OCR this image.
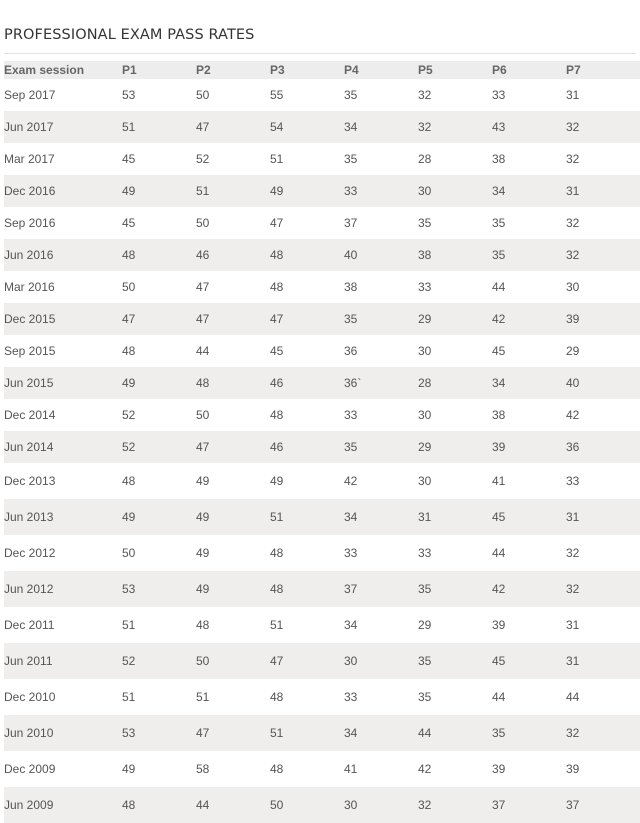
PROFESSIONAL EXAM PASS RATES
Exam session	P1	P2	P3	P4	P5	P6	P7
Sep 2017	53	50	55	35	32	33	31
Jun 2017	51	47	54	34	32	43	32
Mar 2017	45	52	51	35	28	38	32
Dec 2016	49	51	49	33	30	34	31
Sep 2016	45	50	47	37	35	35	32
Jun 2016	48	46	48	40	38	35	32
Mar 2016	50	47	48	38	33	44	30
Dec 2015	47	47	47	35	29	42	39
Sep 2015	48	44	45	36	30	45	29
Jun 2015	49	48	46	36`	28	34	40
Dec 2014	52	50	48	33	30	38	42
Jun 2014	52	47	46	35	29	39	36
Dec 2013	48	49	49	42	30	41	33
Jun 2013	49	49	51	34	31	45	31
Dec 2012	50	49	48	33	33	44	32
Jun 2012	53	49	48	37	35	42	32
Dec 2011	51	48	51	34	29	39	31
Jun 2011	52	50	47	30	35	45	31
Dec 2010	51	51	48	33	35	44	44
Jun 2010	53	47	51	34	44	35	32
Dec 2009	49	58	48	41	42	39	39
Jun 2009	48	44	50	30	32	37	37
